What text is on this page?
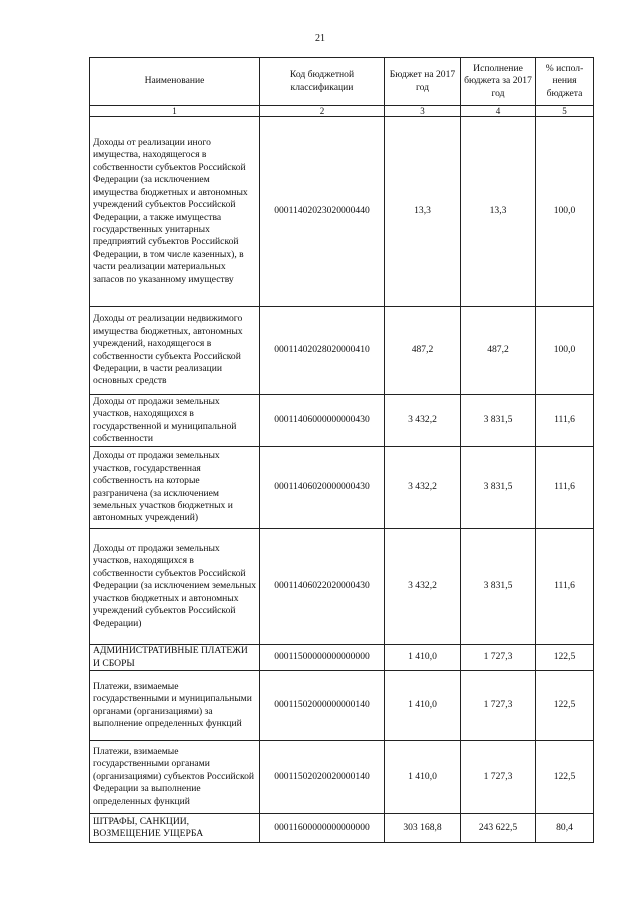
21
Наименование	Код бюджетной классификации	Бюджет на 2017 год	Исполнение бюджета за 2017 год	% испол-нения бюджета
1	2	3	4	5
Доходы от реализации иного имущества, находящегося в собственности субъектов Российской Федерации (за исключением имущества бюджетных и автономных учреждений субъектов Российской Федерации, а также имущества государственных унитарных предприятий субъектов Российской Федерации, в том числе казенных), в части реализации материальных запасов по указанному имуществу	00011402023020000440	13,3	13,3	100,0
Доходы от реализации недвижимого имущества бюджетных, автономных учреждений, находящегося в собственности субъекта Российской Федерации, в части реализации основных средств	00011402028020000410	487,2	487,2	100,0
Доходы от продажи земельных участков, находящихся в государственной и муниципальной собственности	00011406000000000430	3 432,2	3 831,5	111,6
Доходы от продажи земельных участков, государственная собственность на которые разграничена (за исключением земельных участков бюджетных и автономных учреждений)	00011406020000000430	3 432,2	3 831,5	111,6
Доходы от продажи земельных участков, находящихся в собственности субъектов Российской Федерации (за исключением земельных участков бюджетных и автономных учреждений субъектов Российской Федерации)	00011406022020000430	3 432,2	3 831,5	111,6
АДМИНИСТРАТИВНЫЕ ПЛАТЕЖИ И СБОРЫ	00011500000000000000	1 410,0	1 727,3	122,5
Платежи, взимаемые государственными и муниципальными органами (организациями) за выполнение определенных функций	00011502000000000140	1 410,0	1 727,3	122,5
Платежи, взимаемые государственными органами (организациями) субъектов Российской Федерации за выполнение определенных функций	00011502020020000140	1 410,0	1 727,3	122,5
ШТРАФЫ, САНКЦИИ, ВОЗМЕЩЕНИЕ УЩЕРБА	00011600000000000000	303 168,8	243 622,5	80,4
